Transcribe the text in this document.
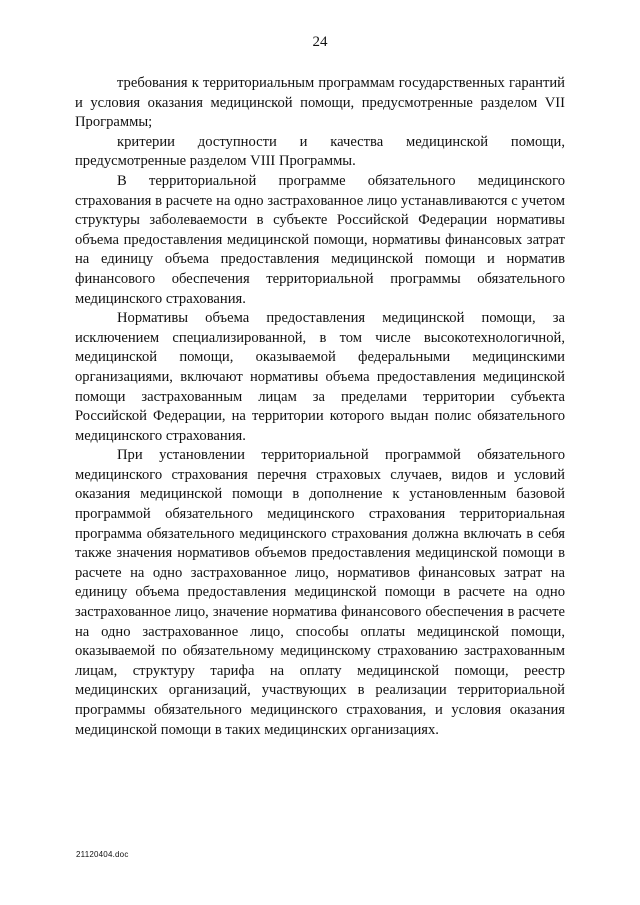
24

требования к территориальным программам государственных гарантий и условия оказания медицинской помощи, предусмотренные разделом VII Программы;

критерии доступности и качества медицинской помощи, предусмотренные разделом VIII Программы.

В территориальной программе обязательного медицинского страхования в расчете на одно застрахованное лицо устанавливаются с учетом структуры заболеваемости в субъекте Российской Федерации нормативы объема предоставления медицинской помощи, нормативы финансовых затрат на единицу объема предоставления медицинской помощи и норматив финансового обеспечения территориальной программы обязательного медицинского страхования.

Нормативы объема предоставления медицинской помощи, за исключением специализированной, в том числе высокотехнологичной, медицинской помощи, оказываемой федеральными медицинскими организациями, включают нормативы объема предоставления медицинской помощи застрахованным лицам за пределами территории субъекта Российской Федерации, на территории которого выдан полис обязательного медицинского страхования.

При установлении территориальной программой обязательного медицинского страхования перечня страховых случаев, видов и условий оказания медицинской помощи в дополнение к установленным базовой программой обязательного медицинского страхования территориальная программа обязательного медицинского страхования должна включать в себя также значения нормативов объемов предоставления медицинской помощи в расчете на одно застрахованное лицо, нормативов финансовых затрат на единицу объема предоставления медицинской помощи в расчете на одно застрахованное лицо, значение норматива финансового обеспечения в расчете на одно застрахованное лицо, способы оплаты медицинской помощи, оказываемой по обязательному медицинскому страхованию застрахованным лицам, структуру тарифа на оплату медицинской помощи, реестр медицинских организаций, участвующих в реализации территориальной программы обязательного медицинского страхования, и условия оказания медицинской помощи в таких медицинских организациях.

21120404.doc
